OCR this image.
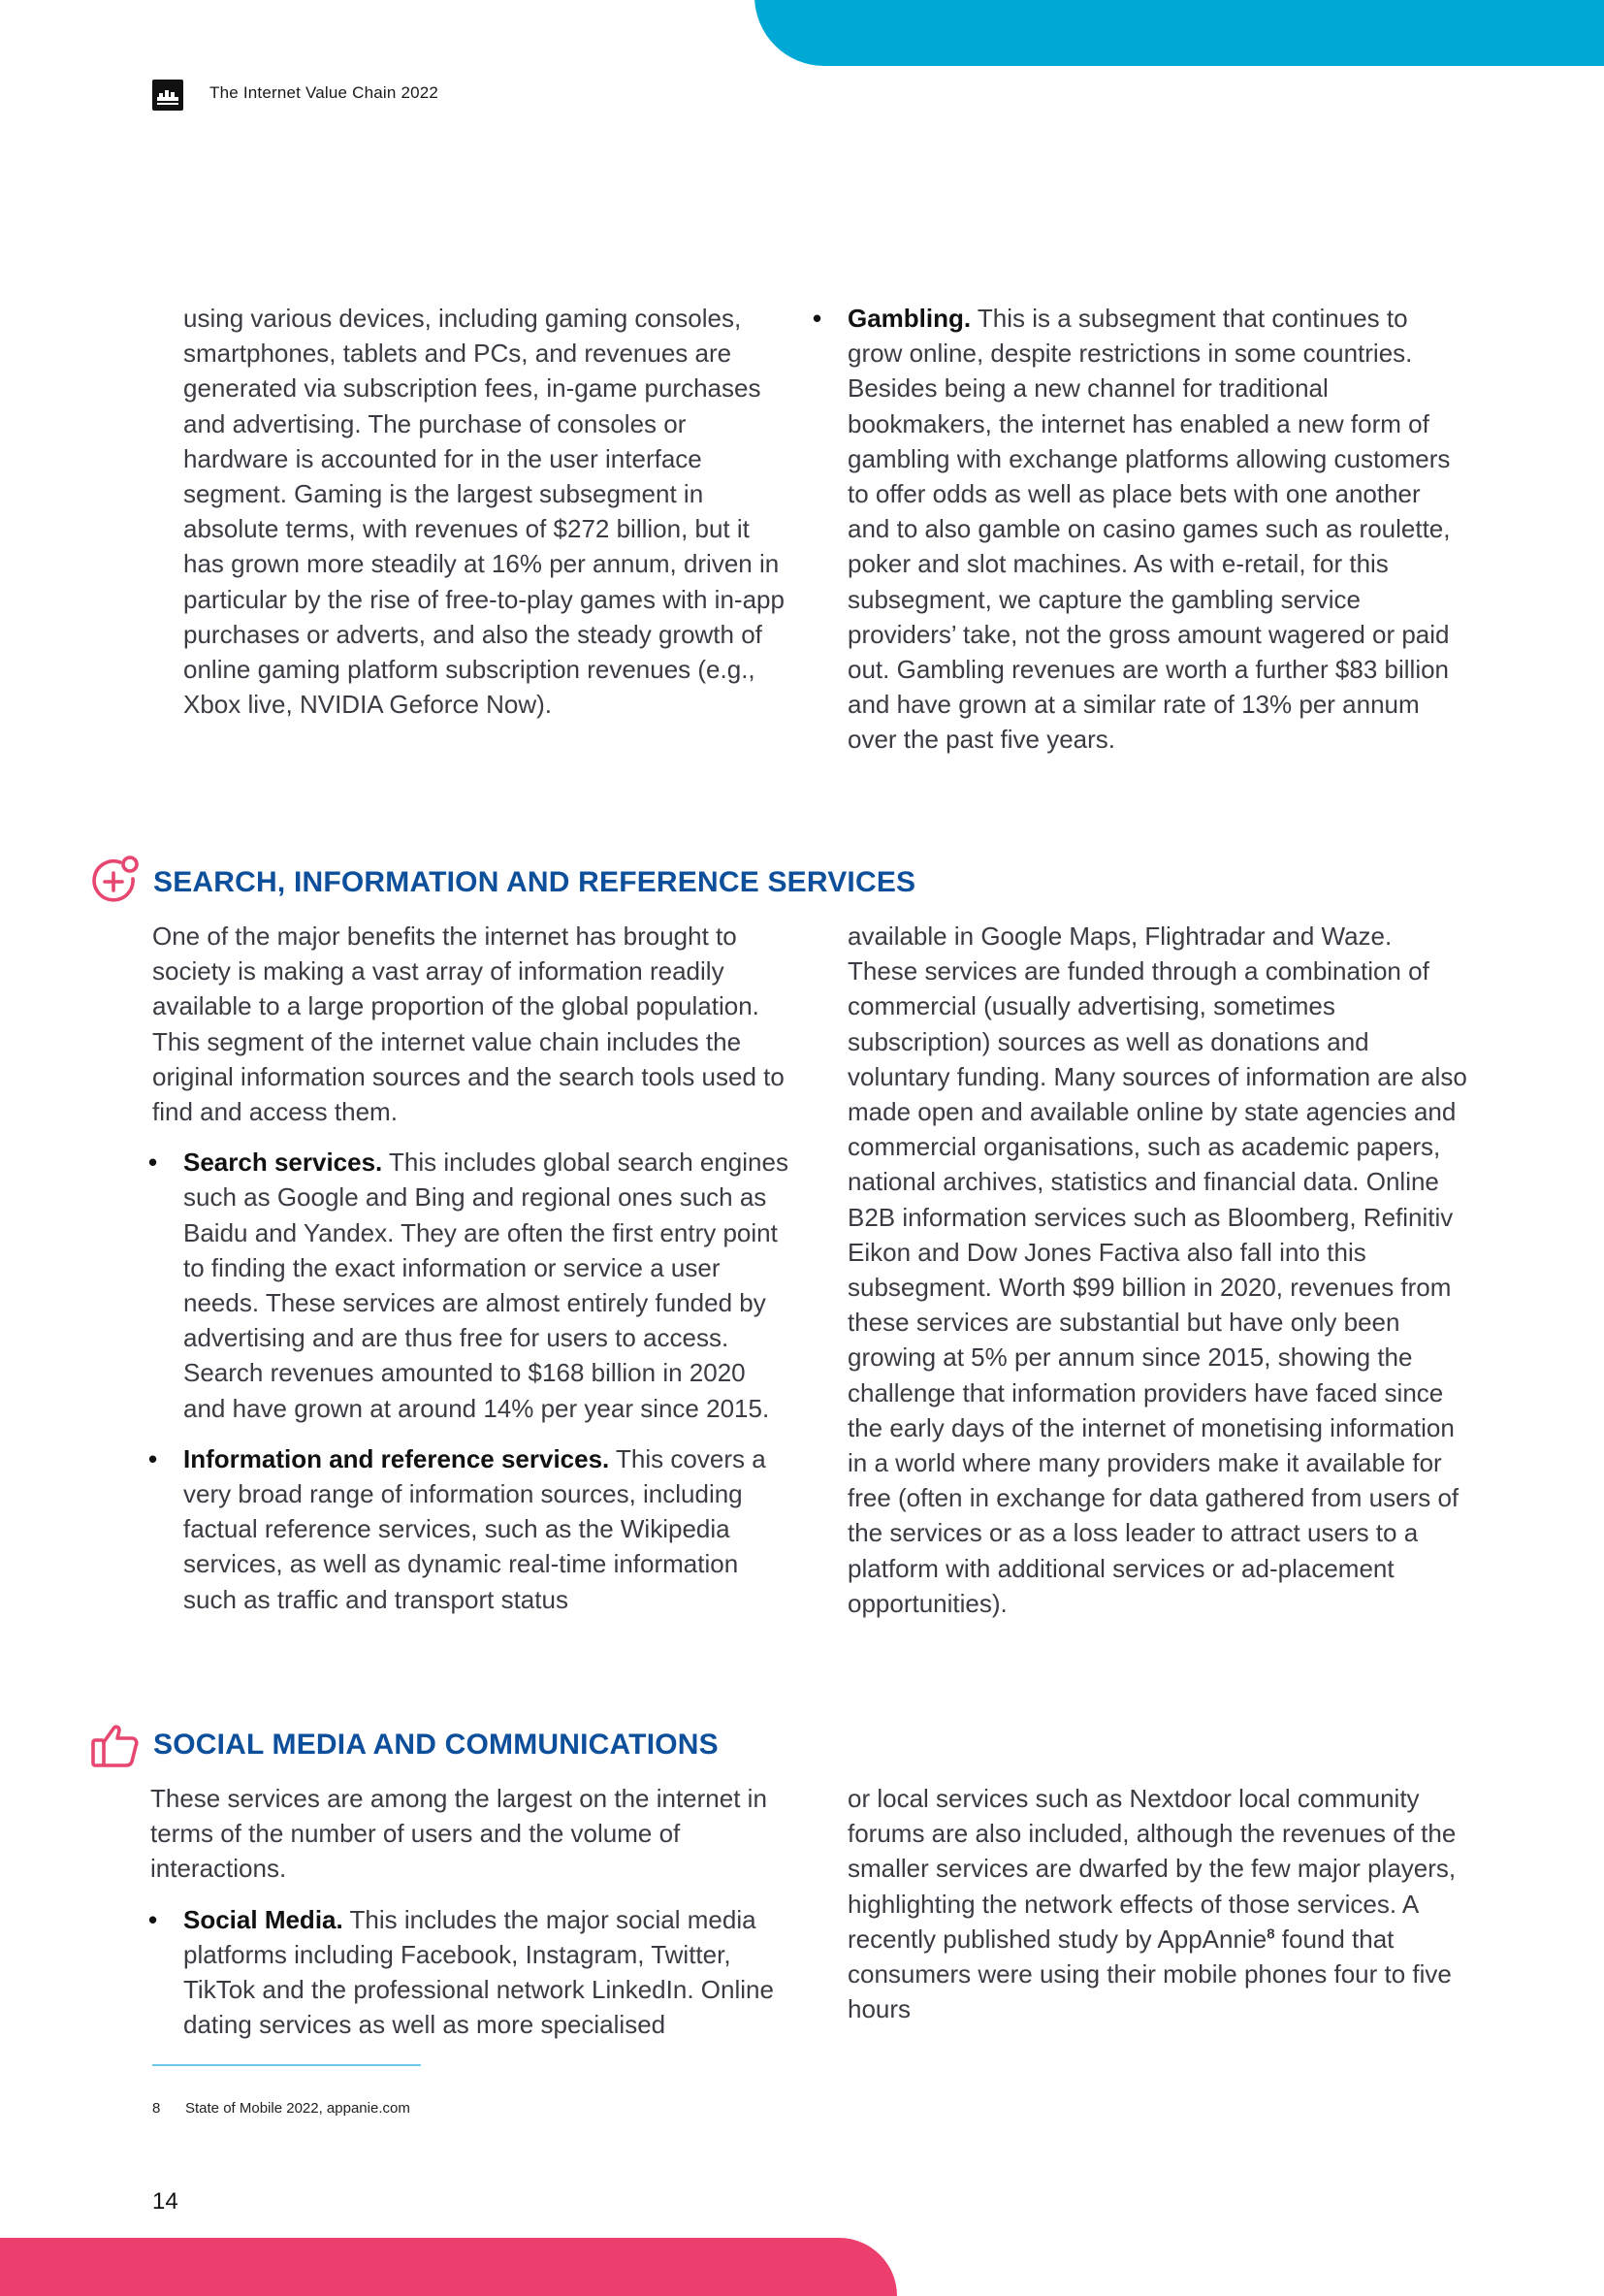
The Internet Value Chain 2022

using various devices, including gaming consoles, smartphones, tablets and PCs, and revenues are generated via subscription fees, in-game purchases and advertising. The purchase of consoles or hardware is accounted for in the user interface segment. Gaming is the largest subsegment in absolute terms, with revenues of $272 billion, but it has grown more steadily at 16% per annum, driven in particular by the rise of free-to-play games with in-app purchases or adverts, and also the steady growth of online gaming platform subscription revenues (e.g., Xbox live, NVIDIA Geforce Now).

• Gambling. This is a subsegment that continues to grow online, despite restrictions in some countries. Besides being a new channel for traditional bookmakers, the internet has enabled a new form of gambling with exchange platforms allowing customers to offer odds as well as place bets with one another and to also gamble on casino games such as roulette, poker and slot machines. As with e-retail, for this subsegment, we capture the gambling service providers’ take, not the gross amount wagered or paid out. Gambling revenues are worth a further $83 billion and have grown at a similar rate of 13% per annum over the past five years.
SEARCH, INFORMATION AND REFERENCE SERVICES

One of the major benefits the internet has brought to society is making a vast array of information readily available to a large proportion of the global population. This segment of the internet value chain includes the original information sources and the search tools used to find and access them.

• Search services. This includes global search engines such as Google and Bing and regional ones such as Baidu and Yandex. They are often the first entry point to finding the exact information or service a user needs. These services are almost entirely funded by advertising and are thus free for users to access. Search revenues amounted to $168 billion in 2020 and have grown at around 14% per year since 2015.
• Information and reference services. This covers a very broad range of information sources, including factual reference services, such as the Wikipedia services, as well as dynamic real-time information such as traffic and transport status

available in Google Maps, Flightradar and Waze. These services are funded through a combination of commercial (usually advertising, sometimes subscription) sources as well as donations and voluntary funding. Many sources of information are also made open and available online by state agencies and commercial organisations, such as academic papers, national archives, statistics and financial data. Online B2B information services such as Bloomberg, Refinitiv Eikon and Dow Jones Factiva also fall into this subsegment. Worth $99 billion in 2020, revenues from these services are substantial but have only been growing at 5% per annum since 2015, showing the challenge that information providers have faced since the early days of the internet of monetising information in a world where many providers make it available for free (often in exchange for data gathered from users of the services or as a loss leader to attract users to a platform with additional services or ad-placement opportunities).

SOCIAL MEDIA AND COMMUNICATIONS

These services are among the largest on the internet in terms of the number of users and the volume of interactions.

• Social Media. This includes the major social media platforms including Facebook, Instagram, Twitter, TikTok and the professional network LinkedIn. Online dating services as well as more specialised

or local services such as Nextdoor local community forums are also included, although the revenues of the smaller services are dwarfed by the few major players, highlighting the network effects of those services. A recently published study by AppAnnie$^8$ found that consumers were using their mobile phones four to five hours

8 State of Mobile 2022, appanie.com
14
